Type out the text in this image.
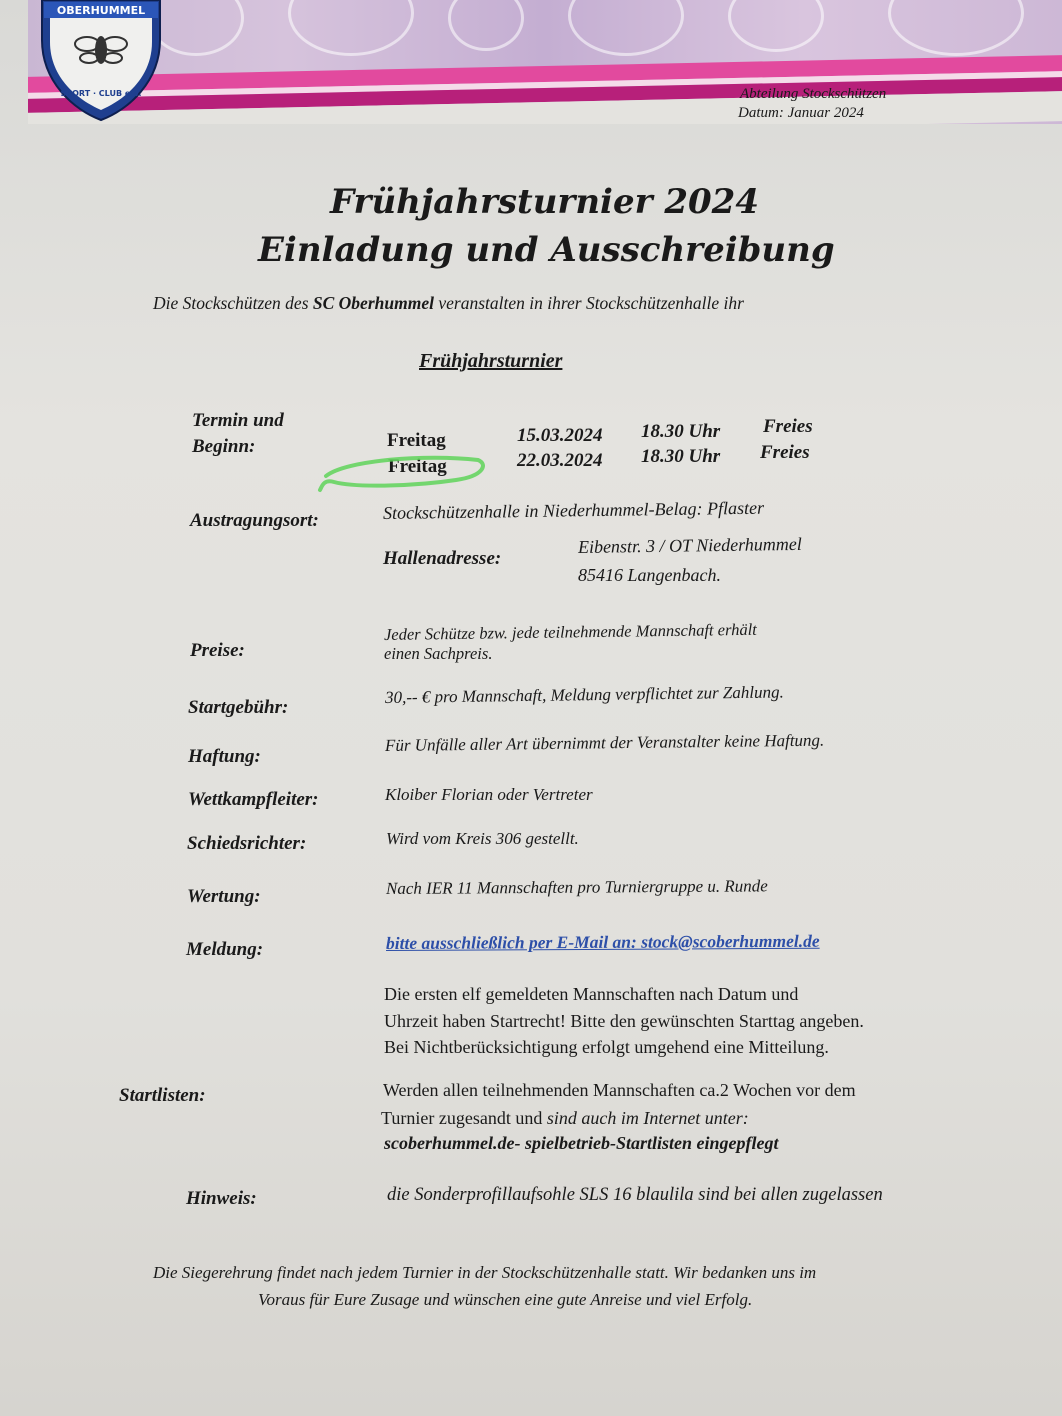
OBERHUMMEL
SPORT · CLUB e.V.	Abteilung Stockschützen
Datum: Januar 2024
Frühjahrsturnier 2024
Einladung und Ausschreibung
Die Stockschützen des SC Oberhummel veranstalten in ihrer Stockschützenhalle ihr
Frühjahrsturnier
Termin und
Beginn:	Freitag	15.03.2024 18.30 Uhr Freies
Freitag	22.03.2024 18.30 Uhr Freies
Austragungsort:	Stockschützenhalle in Niederhummel-Belag: Pflaster
Hallenadresse:
Eibenstr. 3 / OT Niederhummel
85416 Langenbach.
Preise:
Jeder Schütze bzw. jede teilnehmende Mannschaft erhält
einen Sachpreis.
Startgebühr:
30,-- € pro Mannschaft, Meldung verpflichtet zur Zahlung.
Haftung:
Für Unfälle aller Art übernimmt der Veranstalter keine Haftung.
Wettkampfleiter:	Kloiber Florian oder Vertreter
Schiedsrichter:	Wird vom Kreis 306 gestellt.
Wertung:	Nach IER 11 Mannschaften pro Turniergruppe u. Runde
Meldung:	bitte ausschließlich per E-Mail an: stock@scoberhummel.de
Die ersten elf gemeldeten Mannschaften nach Datum und
Uhrzeit haben Startrecht! Bitte den gewünschten Starttag angeben.
Bei Nichtberücksichtigung erfolgt umgehend eine Mitteilung.
Startlisten:	Werden allen teilnehmenden Mannschaften ca.2 Wochen vor dem
Turnier zugesandt und sind auch im Internet unter:
scoberhummel.de- spielbetrieb-Startlisten eingepflegt
Hinweis:	die Sonderprofillaufsohle SLS 16 blaulila sind bei allen zugelassen
Die Siegerehrung findet nach jedem Turnier in der Stockschützenhalle statt. Wir bedanken uns im
Voraus für Eure Zusage und wünschen eine gute Anreise und viel Erfolg.
